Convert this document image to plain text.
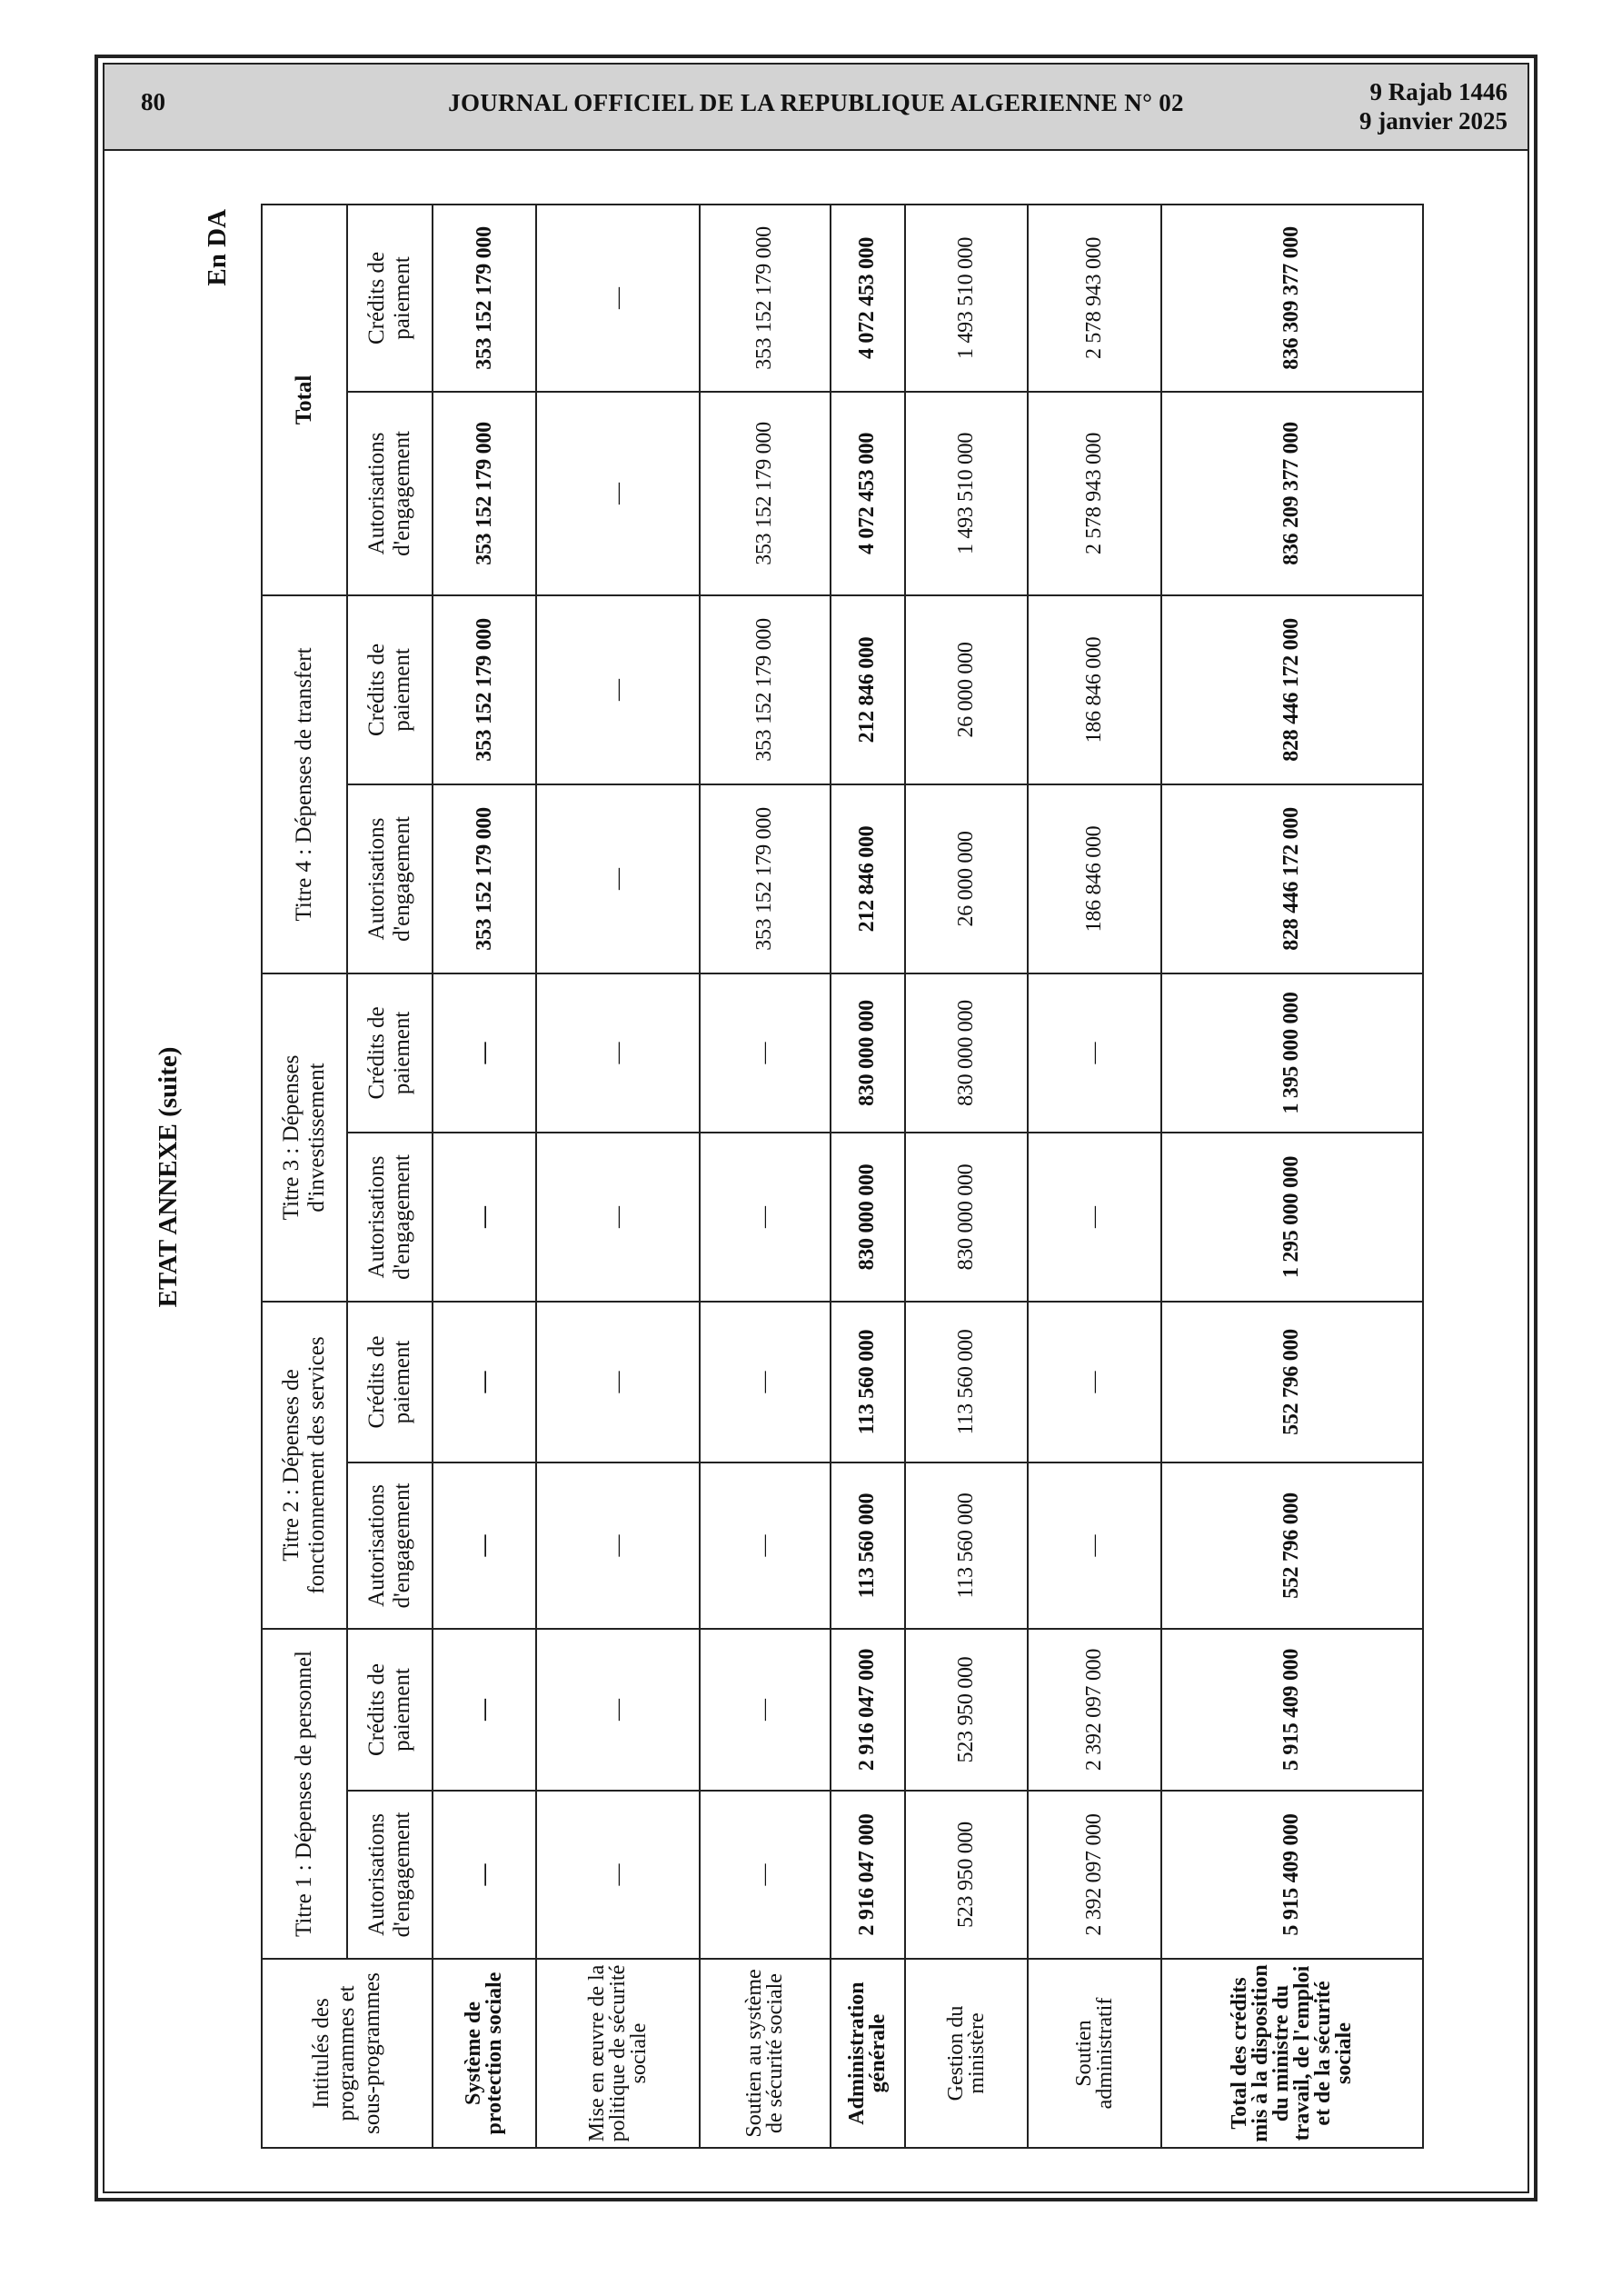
80	JOURNAL OFFICIEL DE LA REPUBLIQUE ALGERIENNE N° 02	9 Rajab 1446
9 janvier 2025
ETAT ANNEXE (suite)
En DA
Intitulés des programmes et sous-programmes	Titre 1 : Dépenses de personnel		Titre 2 : Dépenses de fonctionnement des services		Titre 3 : Dépenses d'investissement		Titre 4 : Dépenses de transfert		Total	
	Autorisations d'engagement	Crédits de paiement	Autorisations d'engagement	Crédits de paiement	Autorisations d'engagement	Crédits de paiement	Autorisations d'engagement	Crédits de paiement	Autorisations d'engagement	Crédits de paiement
Système de protection sociale	—	—	—	—	—	—	353 152 179 000	353 152 179 000	353 152 179 000	353 152 179 000
Mise en œuvre de la politique de sécurité sociale	—	—	—	—	—	—	—	—	—	—
Soutien au système de sécurité sociale	—	—	—	—	—	—	353 152 179 000	353 152 179 000	353 152 179 000	353 152 179 000
Administration générale	2 916 047 000	2 916 047 000	113 560 000	113 560 000	830 000 000	830 000 000	212 846 000	212 846 000	4 072 453 000	4 072 453 000
Gestion du ministère	523 950 000	523 950 000	113 560 000	113 560 000	830 000 000	830 000 000	26 000 000	26 000 000	1 493 510 000	1 493 510 000
Soutien administratif	2 392 097 000	2 392 097 000	—	—	—	—	186 846 000	186 846 000	2 578 943 000	2 578 943 000
Total des crédits mis à la disposition du ministre du travail, de l'emploi et de la sécurité sociale	5 915 409 000	5 915 409 000	552 796 000	552 796 000	1 295 000 000	1 395 000 000	828 446 172 000	828 446 172 000	836 209 377 000	836 309 377 000
